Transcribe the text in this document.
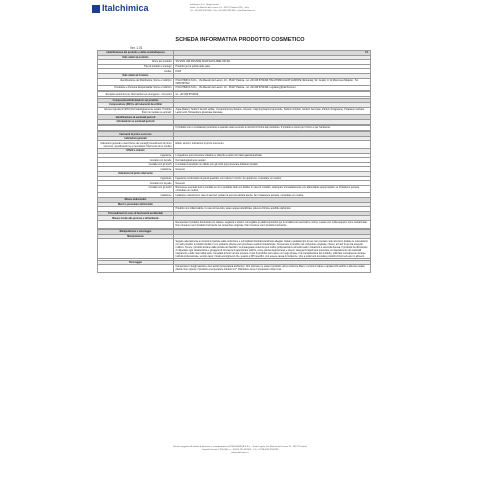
Italchimica	Italchimica S.r.l. Unipersonale
Sede: Via Maestri del Lavoro, 10 - 35127 Padova (PD) - Italy
Tel. +39 049 8764.000 - Fax +39 049 8764.940 - info@italchimica.it
SCHEDA INFORMATIVA PRODOTTO COSMETICO
Ver. 1.01
Identificazione del prodotto e della società/impresa	1/1
Dati relativi al prodotto	
Nome del prodotto	SN SKIN LAB MOUSSE SOAP ECOLABEL 600 ML
Tipo di prodotto e impiego	Prodotto per la pulizia delle pelle
Codice	K633
Dati relativi al fornitore	
Identificazione del Distributore, Nome e Indirizzo	ITALCHIMICA S.R.L., Via Maestri del Lavoro, 10 - 35127 Padova - tel +39 049 8762499 ITALCHIMICA EAST EUROPE (Romania), Str. Cetatii, nr 11 Miercurea Nirajului - Tel. 0265/767812
Produttore e Persona Responsabile: Nome e Indirizzo	ITALCHIMICA S.R.L., Via Maestri del Lavoro, 10 - 35127 Padova - tel +39 049 8762499, regulatory@italchimica.it

Recapito telefonico per informazioni ed emergenze - Info point	tel. +39 049 8762499

Composizione/informazioni sul prodotto	
Composizione (INCI) e altri elementi descrittivi	
Elenco ingredienti (INCI) Dermatologicamente testato. Prodotto finito non testato su animali.	Aqua (Water), Sodium laureth sulfate, Cocamidopropyl betaine, Glycerin, Capryloyl/caproyl glucoside, Sodium chloride, Sodium benzoate, Parfum (Fragrance), Potassium sorbate, Lactic acid, Tetrasodium glutamate diacetate
Identificazione di eventuali pericoli	
Informazioni su eventuali pericoli	

	Il prodotto non è considerato pericoloso a quando usato secondo le istruzioni fornite dal produttore. Il prodotto è sicuro per l'uomo e per l'ambiente.

Interventi di primo soccorso	
Indicazioni generali	
Indicazioni generali e descrizione dei consigli procedimenti di primo soccorso, specificando se è necessario l'intervento di un medico	Effetti, sintomi, Indicazioni di primo intervento.
Effetti e sintomi	
Ingestione	L'ingestione può provocare irritazioni e disturbi a carico del tratto gastrointestinale
Contatto con la pelle	Dermatologicamente testato
Contatto con gli occhi	Il contatto di prodotto non diluito con gli occhi può provocare irritazioni oculare
Inalazione	Nessuno
Indicazioni di primo intervento	
Ingestione	Ingestione involontaria di grandi quantità: non indurre il vomito. Se opportuno, consultare un medico.
Contatto con la pelle	Nessuno
Contatto con gli occhi	Rimuovere eventuali lenti a contatto se ciò è possibile farlo con facilità. In caso di contatto, sciacquare immediatamente con abbondante acqua tiepida; se l'irritazione persiste, consultare un medico.
Inalazione	Inalazione massiccia in caso di aerosol: portare la persona all'aria aperta. Se il malessere persiste, consultare un medico.
Misure antincendio	
Mezzi e procedure antincendio	
	Prodotto non infiammabile. In caso di incendio, usare acqua nebulizzata, polvere chimica, anidride carbonica
Provvedimenti in caso di fuoriuscita accidentale	
Misure rivolte alle persone e all'ambiente	
	Recuperare il prodotto fuoriuscito con cattese, segatura o stracci, convogliare in adatti contenitori per lo smaltimento secondo le norme. Lavare con molta acqua le zone contaminate. Non rimettere mai il prodotto fuoriuscito nel contenitore originale. Non rimettere mai il prodotto fuoriuscito.

Manipolazione e stoccaggio	
Manipolazione	
	Seguire attentamente le istruzioni riportate sulla confezione e sul foglietto illustrativo/etichetto allegato. Evitare qualsiasi tipo di uso non previsto nelle istruzioni. Evitare le miscelazioni con altri prodotti: il prodotti similari o con sostanze diverse può provocare reazioni indesiderate. Conservare il prodotto nel contenitore originale, chiuso, al fuori di qui sia eseguito l'utilizzo. Tenere i prodotti lontano dalla portata dei bambini. La inadeguata conferma può inoltre professionali a coinvolti reali in situazioni a seconda diversa. Il prodotto ha dimostrato di rispettare ogni caratteristica e gli agenti di sicurezza di appropriato utilizzo, come pulizia degli accessi e intensi; detergenti liquidi può provocare un rilasciamento dei materiali trasparenti e delle mani della pelle. Usi adatti di fuori nel sito previsto. Il sito di prodotto può essere un luogo di fase. Il la manipolazione del prodotto, utilizzate normalmente durante l'attività professionale, sempre lavor i locali accorgimenti che, quanto è DPI specifici, può essere causa di incidenze. Uno a volta fuori annodare prodotti chimici ed esso in alimenti.

Stoccaggio	
	Conservare in luoghi asciutti e ben aerati (temperatura ambiente). Non stoccare ne usare il prodotto vicino a fiamme libere o a fonti di calore e apparecchi elettrici o alla luce solare diretta. Non esporre il prodotto a temperature inferiori a 0°. Richiudere bene il contenitore dopo l'uso.
Società soggetta all'attività di direzione e coordinamento di ITALCHIMICA S.R.L. - Sede Legale: Via Maestri del Lavoro 10 - 35127 Padova
Capitale Sociale € 260.000 i.v. - R.E.A. PD-327896 - C.F. e P.IVA 02651760280
www.italchimica.it
